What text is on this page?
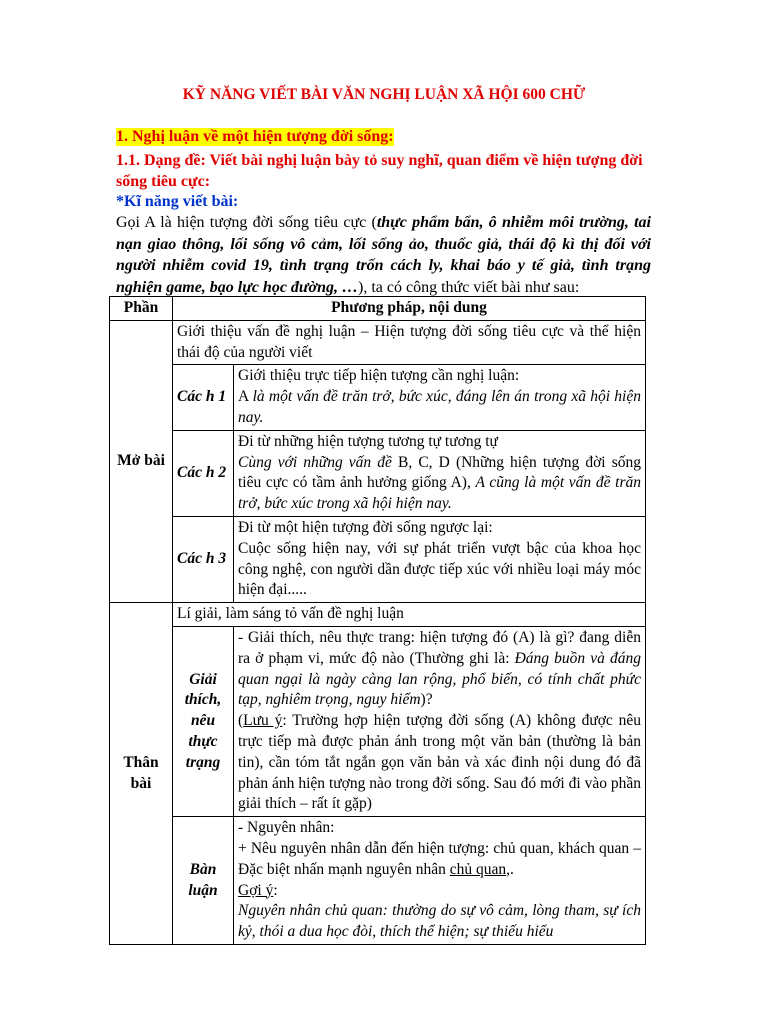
KỸ NĂNG VIẾT BÀI VĂN NGHỊ LUẬN XÃ HỘI 600 CHỮ
1. Nghị luận về một hiện tượng đời sống:
1.1. Dạng đề: Viết bài nghị luận bày tỏ suy nghĩ, quan điểm về hiện tượng đời sống tiêu cực:
*Kĩ năng viết bài:

Gọi A là hiện tượng đời sống tiêu cực (thực phẩm bẩn, ô nhiễm môi trường, tai nạn giao thông, lối sống vô cảm, lối sống ảo, thuốc giả, thái độ kì thị đối với người nhiễm covid 19, tình trạng trốn cách ly, khai báo y tế giả, tình trạng nghiện game, bạo lực học đường, …), ta có công thức viết bài như sau:

Phần	Phương pháp, nội dung	
Mở bài	Giới thiệu vấn đề nghị luận – Hiện tượng đời sống tiêu cực và thể hiện thái độ của người viết	
	Các h 1	Giới thiệu trực tiếp hiện tượng cần nghị luận:
A là một vấn đề trăn trở, bức xúc, đáng lên án trong xã hội hiện nay.

	Các h 2	Đi từ những hiện tượng tương tự tương tự
Cùng với những vấn đề B, C, D (Những hiện tượng đời sống tiêu cực có tầm ảnh hưởng giống A), A cũng là một vấn đề trăn trở, bức xúc trong xã hội hiện nay.

	Các h 3	Đi từ một hiện tượng đời sống ngược lại:
Cuộc sống hiện nay, với sự phát triển vượt bậc của khoa học công nghệ, con người dần được tiếp xúc với nhiều loại máy móc hiện đại.....

Thân bài	Lí giải, làm sáng tỏ vấn đề nghị luận	
	Giải thích, nêu thực trạng	- Giải thích, nêu thực trang: hiện tượng đó (A) là gì? đang diễn ra ở phạm vi, mức độ nào (Thường ghi là: Đáng buồn và đáng quan ngại là ngày càng lan rộng, phổ biến, có tính chất phức tạp, nghiêm trọng, nguy hiểm)?
(Lưu ý: Trường hợp hiện tượng đời sống (A) không được nêu trực tiếp mà được phản ánh trong một văn bản (thường là bản tin), cần tóm tắt ngắn gọn văn bản và xác đinh nội dung đó đã phản ánh hiện tượng nào trong đời sống. Sau đó mới đi vào phần giải thích – rất ít gặp)

	Bàn luận	- Nguyên nhân:
+ Nêu nguyên nhân dẫn đến hiện tượng: chủ quan, khách quan – Đặc biệt nhấn mạnh nguyên nhân chủ quan,.
Gợi ý:
Nguyên nhân chủ quan: thường do sự vô cảm, lòng tham, sự ích kỷ, thói a dua học đòi, thích thể hiện; sự thiếu hiểu
